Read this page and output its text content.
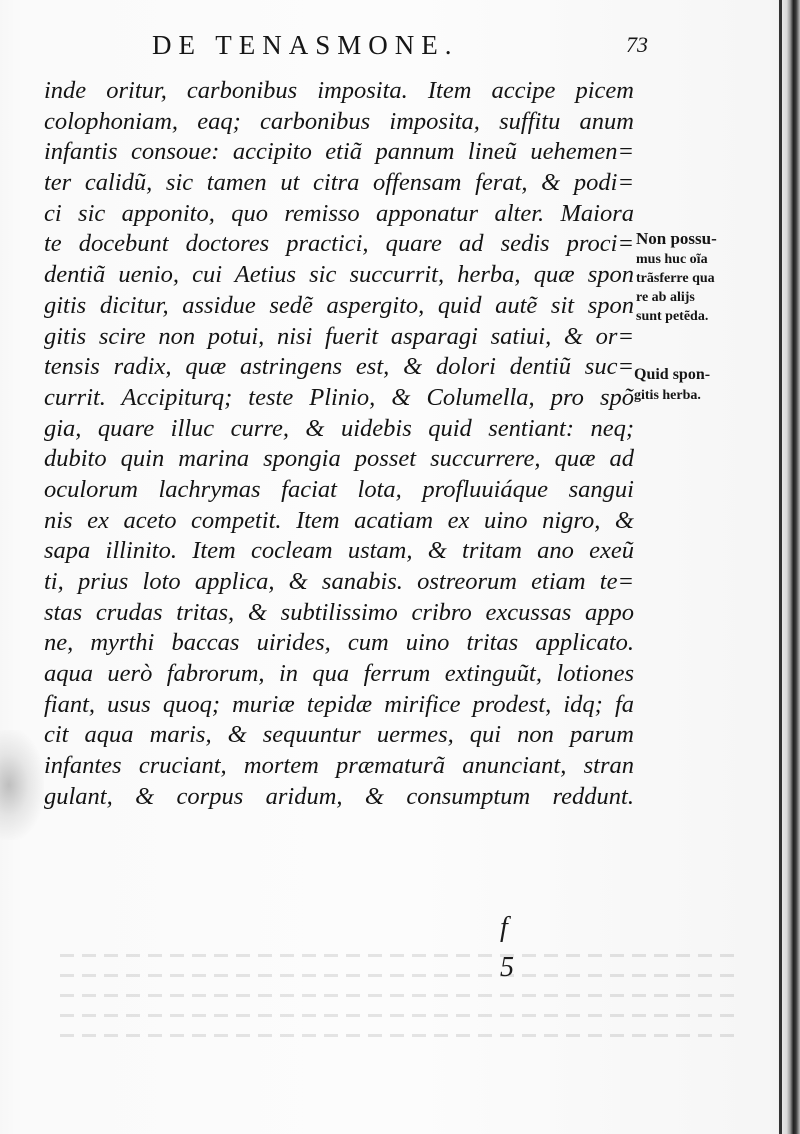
DE TENASMONE.	73
inde oritur, carbonibus imposita. Item accipe picem
colophoniam, eaq; carbonibus imposita, suffitu anum
infantis consoue: accipito etiã pannum lineũ uehemen=
ter calidũ, sic tamen ut citra offensam ferat, & podi=
ci sic apponito, quo remisso apponatur alter. Maiora
te docebunt doctores practici, quare ad sedis proci=
dentiã uenio, cui Aetius sic succurrit, herba, quæ spon
gitis dicitur, assidue sedẽ aspergito, quid autẽ sit spon
gitis scire non potui, nisi fuerit asparagi satiui, & or=
tensis radix, quæ astringens est, & dolori dentiũ suc=
currit. Accipiturq; teste Plinio, & Columella, pro spõ
gia, quare illuc curre, & uidebis quid sentiant: neq;
dubito quin marina spongia posset succurrere, quæ ad
oculorum lachrymas faciat lota, profluuiáque sangui
nis ex aceto competit. Item acatiam ex uino nigro, &
sapa illinito. Item cocleam ustam, & tritam ano exeũ
ti, prius loto applica, & sanabis. ostreorum etiam te=
stas crudas tritas, & subtilissimo cribro excussas appo
ne, myrthi baccas uirides, cum uino tritas applicato.
aqua uerò fabrorum, in qua ferrum extinguũt, lotiones
fiant, usus quoq; muriæ tepidæ mirifice prodest, idq; fa
cit aqua maris, & sequuntur uermes, qui non parum
infantes cruciant, mortem præmaturã anunciant, stran
gulant, & corpus aridum, & consumptum reddunt.
Non possu-
mus huc oĩa
trãsferre qua
re ab alijs
sunt petẽda.
Quid spon-
gitis herba.
f 5
